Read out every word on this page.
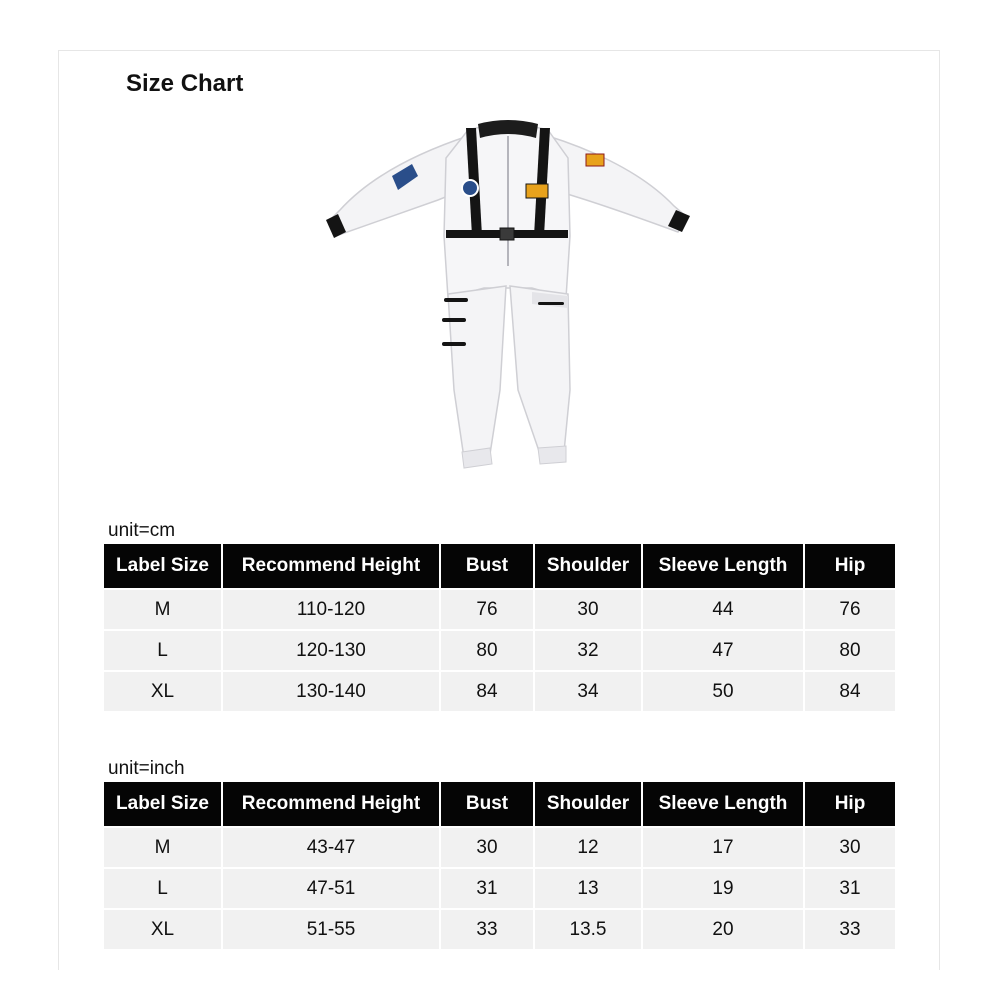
Size Chart
unit=cm
Label Size	Recommend Height	Bust	Shoulder	Sleeve Length	Hip
M	110-120	76	30	44	76
L	120-130	80	32	47	80
XL	130-140	84	34	50	84
unit=inch
Label Size	Recommend Height	Bust	Shoulder	Sleeve Length	Hip
M	43-47	30	12	17	30
L	47-51	31	13	19	31
XL	51-55	33	13.5	20	33
